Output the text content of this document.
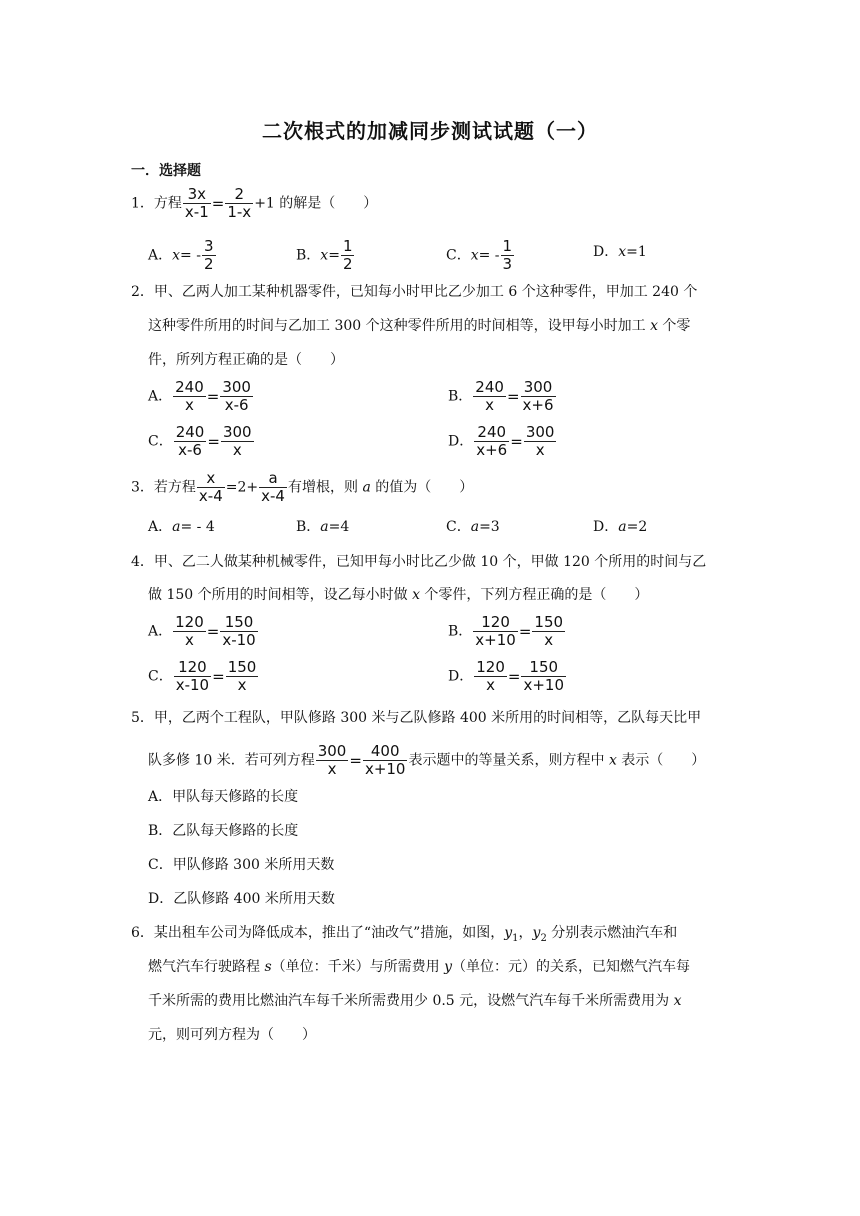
二次根式的加减同步测试试题（一）
一．选择题
1．方程 $\frac{3x}{x-1} = \frac{2}{1-x} +1$ 的解是（　　）
A．$x= - \frac{3}{2}$	B．$x= \frac{1}{2}$	C．$x= - \frac{1}{3}$	D．x=1
2．甲、乙两人加工某种机器零件，已知每小时甲比乙少加工 6 个这种零件，甲加工 240 个
这种零件所用的时间与乙加工 300 个这种零件所用的时间相等，设甲每小时加工 x 个零
件，所列方程正确的是（　　）
A． $\frac{240}{x} = \frac{300}{x-6}$	B． $\frac{240}{x} = \frac{300}{x+6}$
C． $\frac{240}{x-6} = \frac{300}{x}$	D． $\frac{240}{x+6} = \frac{300}{x}$
3．若方程 $\frac{x}{x-4} =2+ \frac{a}{x-4}$ 有增根，则 a 的值为（　　）
A．a= - 4	B．a=4	C．a=3	D．a=2
4．甲、乙二人做某种机械零件，已知甲每小时比乙少做 10 个，甲做 120 个所用的时间与乙
做 150 个所用的时间相等，设乙每小时做 x 个零件，下列方程正确的是（　　）
A． $\frac{120}{x} = \frac{150}{x-10}$	B． $\frac{120}{x+10} = \frac{150}{x}$
C． $\frac{120}{x-10} = \frac{150}{x}$	D． $\frac{120}{x} = \frac{150}{x+10}$
5．甲，乙两个工程队，甲队修路 300 米与乙队修路 400 米所用的时间相等，乙队每天比甲
队多修 10 米．若可列方程 $\frac{300}{x} = \frac{400}{x+10}$ 表示题中的等量关系，则方程中 x 表示（　　）
A．甲队每天修路的长度
B．乙队每天修路的长度
C．甲队修路 300 米所用天数
D．乙队修路 400 米所用天数
6．某出租车公司为降低成本，推出了“油改气”措施，如图，$y_1$，$y_2$ 分别表示燃油汽车和
燃气汽车行驶路程 s（单位：千米）与所需费用 y（单位：元）的关系，已知燃气汽车每
千米所需的费用比燃油汽车每千米所需费用少 0.5 元，设燃气汽车每千米所需费用为 x
元，则可列方程为（　　）
